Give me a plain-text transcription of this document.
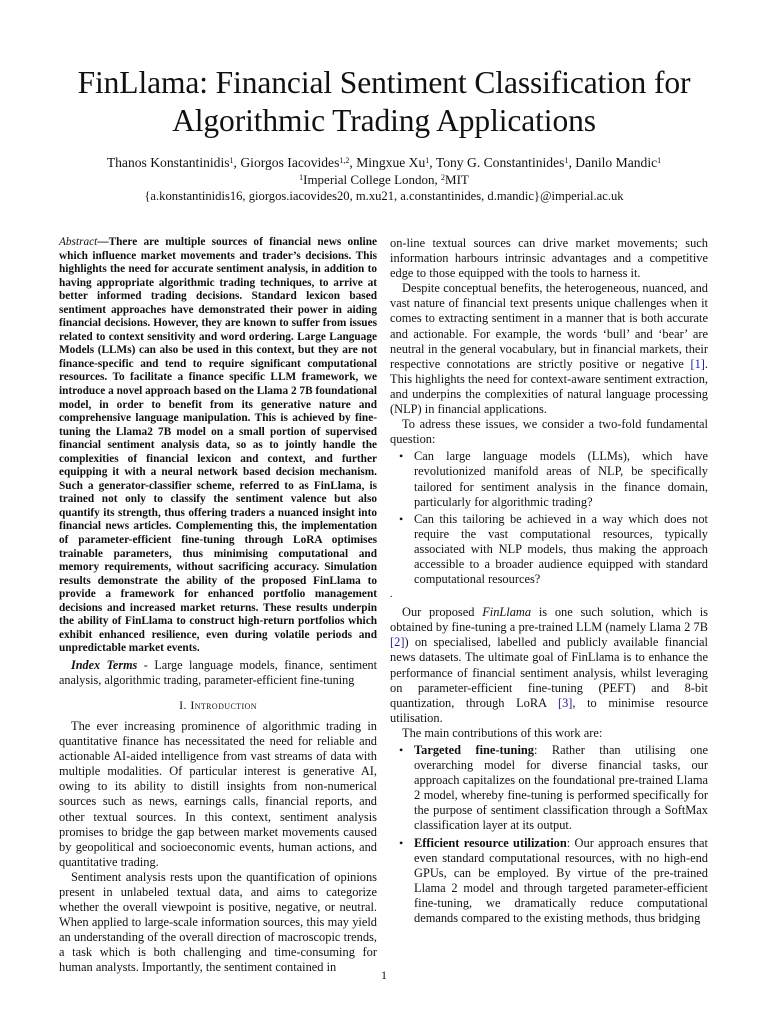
FinLlama: Financial Sentiment Classification for
Algorithmic Trading Applications
Thanos Konstantinidis$^1$, Giorgos Iacovides$^{1,2}$, Mingxue Xu$^1$, Tony G. Constantinides$^1$, Danilo Mandic$^1$
$^1$Imperial College London, $^2$MIT
{a.konstantinidis16, giorgos.iacovides20, m.xu21, a.constantinides, d.mandic}@imperial.ac.uk

Abstract—There are multiple sources of financial news online which influence market movements and trader’s decisions. This highlights the need for accurate sentiment analysis, in addition to having appropriate algorithmic trading techniques, to arrive at better informed trading decisions. Standard lexicon based sentiment approaches have demonstrated their power in aiding financial decisions. However, they are known to suffer from issues related to context sensitivity and word ordering. Large Language Models (LLMs) can also be used in this context, but they are not finance-specific and tend to require significant computational resources. To facilitate a finance specific LLM framework, we introduce a novel approach based on the Llama 2 7B foundational model, in order to benefit from its generative nature and comprehensive language manipulation. This is achieved by fine-tuning the Llama2 7B model on a small portion of supervised financial sentiment analysis data, so as to jointly handle the complexities of financial lexicon and context, and further equipping it with a neural network based decision mechanism. Such a generator-classifier scheme, referred to as FinLlama, is trained not only to classify the sentiment valence but also quantify its strength, thus offering traders a nuanced insight into financial news articles. Complementing this, the implementation of parameter-efficient fine-tuning through LoRA optimises trainable parameters, thus minimising computational and memory requirements, without sacrificing accuracy. Simulation results demonstrate the ability of the proposed FinLlama to provide a framework for enhanced portfolio management decisions and increased market returns. These results underpin the ability of FinLlama to construct high-return portfolios which exhibit enhanced resilience, even during volatile periods and unpredictable market events.

Index Terms - Large language models, finance, sentiment analysis, algorithmic trading, parameter-efficient fine-tuning

I. Introduction

The ever increasing prominence of algorithmic trading in quantitative finance has necessitated the need for reliable and actionable AI-aided intelligence from vast streams of data with multiple modalities. Of particular interest is generative AI, owing to its ability to distill insights from non-numerical sources such as news, earnings calls, financial reports, and other textual sources. In this context, sentiment analysis promises to bridge the gap between market movements caused by geopolitical and socioeconomic events, human actions, and quantitative trading.

Sentiment analysis rests upon the quantification of opinions present in unlabeled textual data, and aims to categorize whether the overall viewpoint is positive, negative, or neutral. When applied to large-scale information sources, this may yield an understanding of the overall direction of macroscopic trends, a task which is both challenging and time-consuming for human analysts. Importantly, the sentiment contained in

on-line textual sources can drive market movements; such information harbours intrinsic advantages and a competitive edge to those equipped with the tools to harness it.

Despite conceptual benefits, the heterogeneous, nuanced, and vast nature of financial text presents unique challenges when it comes to extracting sentiment in a manner that is both accurate and actionable. For example, the words ‘bull’ and ‘bear’ are neutral in the general vocabulary, but in financial markets, their respective connotations are strictly positive or negative [1]. This highlights the need for context-aware sentiment extraction, and underpins the complexities of natural language processing (NLP) in financial applications.

To adress these issues, we consider a two-fold fundamental question:

• Can large language models (LLMs), which have revolutionized manifold areas of NLP, be specifically tailored for sentiment analysis in the finance domain, particularly for algorithmic trading?
• Can this tailoring be achieved in a way which does not require the vast computational resources, typically associated with NLP models, thus making the approach accessible to a broader audience equipped with standard computational resources?
.

Our proposed FinLlama is one such solution, which is obtained by fine-tuning a pre-trained LLM (namely Llama 2 7B [2]) on specialised, labelled and publicly available financial news datasets. The ultimate goal of FinLlama is to enhance the performance of financial sentiment analysis, whilst leveraging on parameter-efficient fine-tuning (PEFT) and 8-bit quantization, through LoRA [3], to minimise resource utilisation.

The main contributions of this work are:

• Targeted fine-tuning: Rather than utilising one overarching model for diverse financial tasks, our approach capitalizes on the foundational pre-trained Llama 2 model, whereby fine-tuning is performed specifically for the purpose of sentiment classification through a SoftMax classification layer at its output.
• Efficient resource utilization: Our approach ensures that even standard computational resources, with no high-end GPUs, can be employed. By virtue of the pre-trained Llama 2 model and through targeted parameter-efficient fine-tuning, we dramatically reduce computational demands compared to the existing methods, thus bridging
1
